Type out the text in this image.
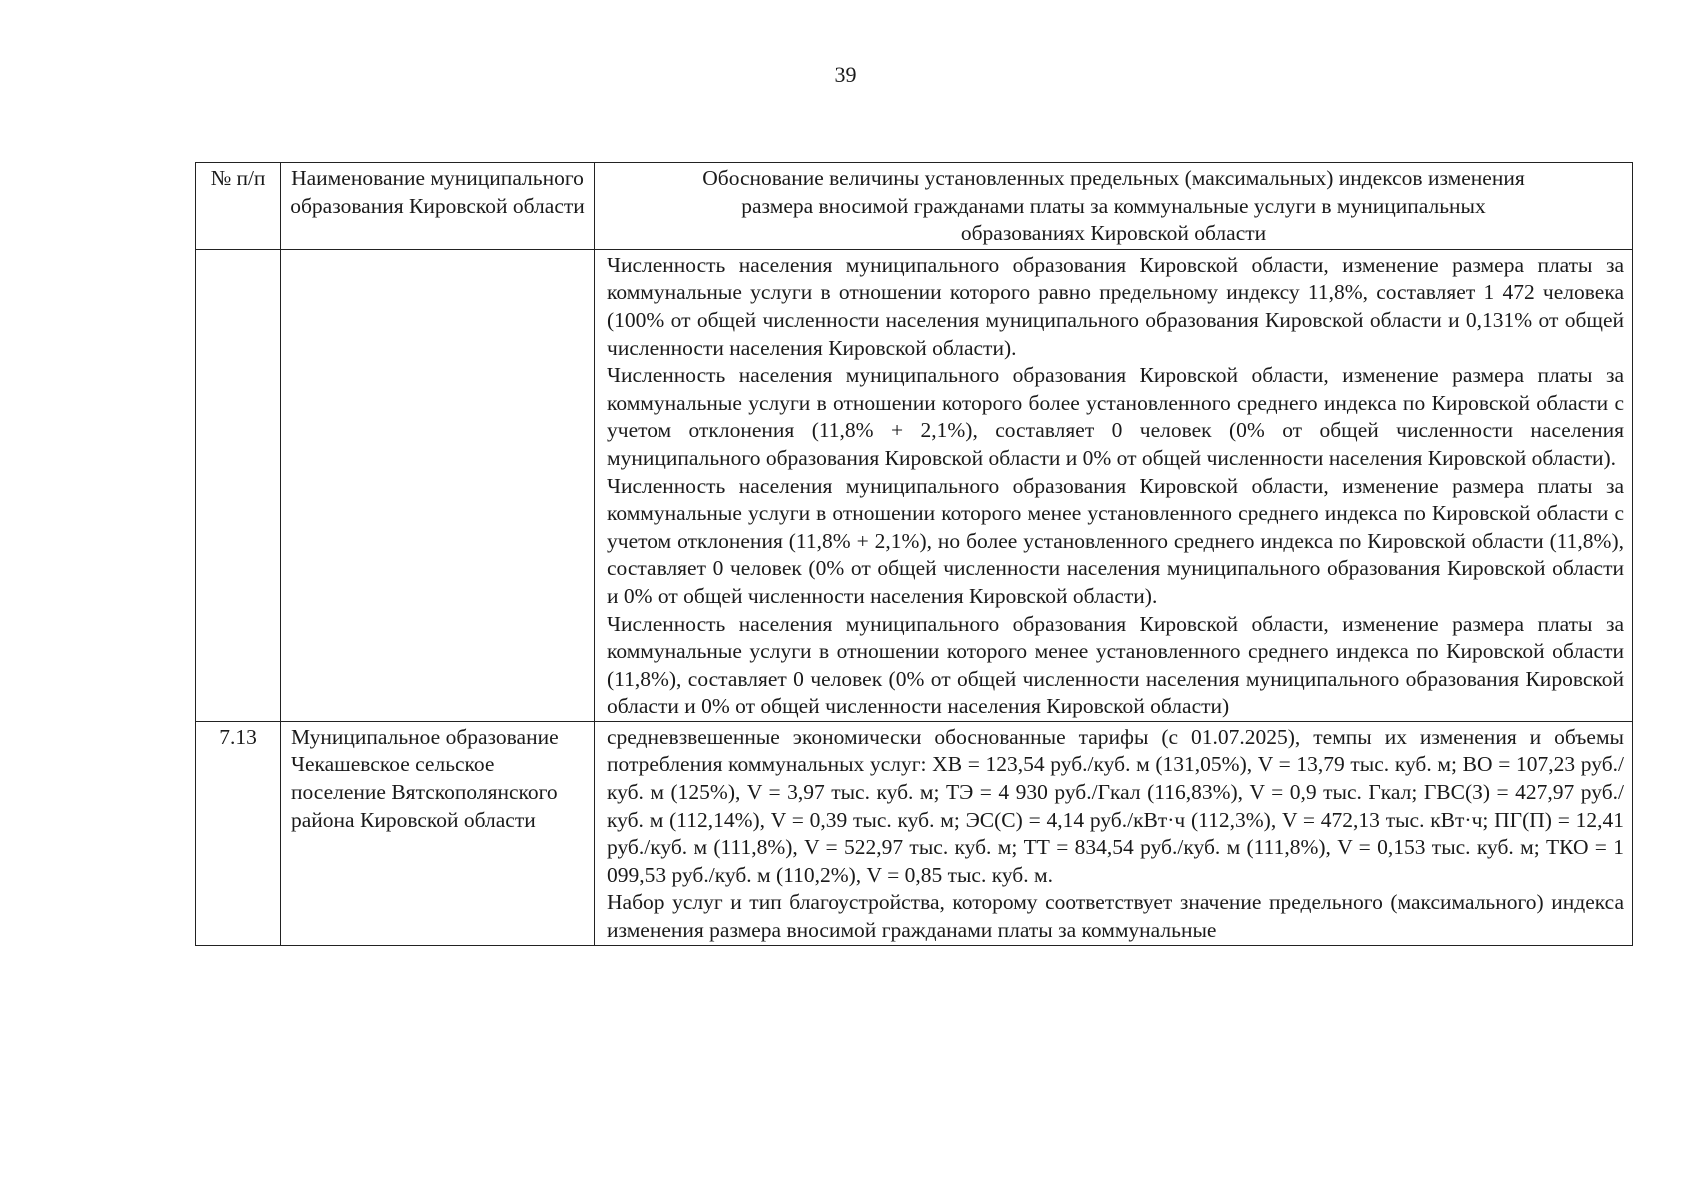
39
№ п/п	Наименование муниципального образования Кировской области	Обоснование величины установленных предельных (максимальных) индексов изменения размера вносимой гражданами платы за коммунальные услуги в муниципальных образованиях Кировской области

		Численность населения муниципального образования Кировской области, изменение размера платы за коммунальные услуги в отношении которого равно предельному индексу 11,8%, составляет 1 472 человека (100% от общей численности населения муниципального образования Кировской области и 0,131% от общей численности населения Кировской области).

Численность населения муниципального образования Кировской области, изменение размера платы за коммунальные услуги в отношении которого более установленного среднего индекса по Кировской области с учетом отклонения (11,8% + 2,1%), составляет 0 человек (0% от общей численности населения муниципального образования Кировской области и 0% от общей численности населения Кировской области).

Численность населения муниципального образования Кировской области, изменение размера платы за коммунальные услуги в отношении которого менее установленного среднего индекса по Кировской области с учетом отклонения (11,8% + 2,1%), но более установленного среднего индекса по Кировской области (11,8%), составляет 0 человек (0% от общей численности населения муниципального образования Кировской области и 0% от общей численности населения Кировской области).

Численность населения муниципального образования Кировской области, изменение размера платы за коммунальные услуги в отношении которого менее установленного среднего индекса по Кировской области (11,8%), составляет 0 человек (0% от общей численности населения муниципального образования Кировской области и 0% от общей численности населения Кировской области)

7.13	Муниципальное образование Чекашевское сельское поселение Вятскополянского района Кировской области	средневзвешенные экономически обоснованные тарифы (с 01.07.2025), темпы их изменения и объемы потребления коммунальных услуг: ХВ = 123,54 руб./куб. м (131,05%), V = 13,79 тыс. куб. м; ВО = 107,23 руб./куб. м (125%), V = 3,97 тыс. куб. м; ТЭ = 4 930 руб./Гкал (116,83%), V = 0,9 тыс. Гкал; ГВС(З) = 427,97 руб./куб. м (112,14%), V = 0,39 тыс. куб. м; ЭС(С) = 4,14 руб./кВт·ч (112,3%), V = 472,13 тыс. кВт·ч; ПГ(П) = 12,41 руб./куб. м (111,8%), V = 522,97 тыс. куб. м; ТТ = 834,54 руб./куб. м (111,8%), V = 0,153 тыс. куб. м; ТКО = 1 099,53 руб./куб. м (110,2%), V = 0,85 тыс. куб. м.

Набор услуг и тип благоустройства, которому соответствует значение предельного (максимального) индекса изменения размера вносимой гражданами платы за коммунальные
